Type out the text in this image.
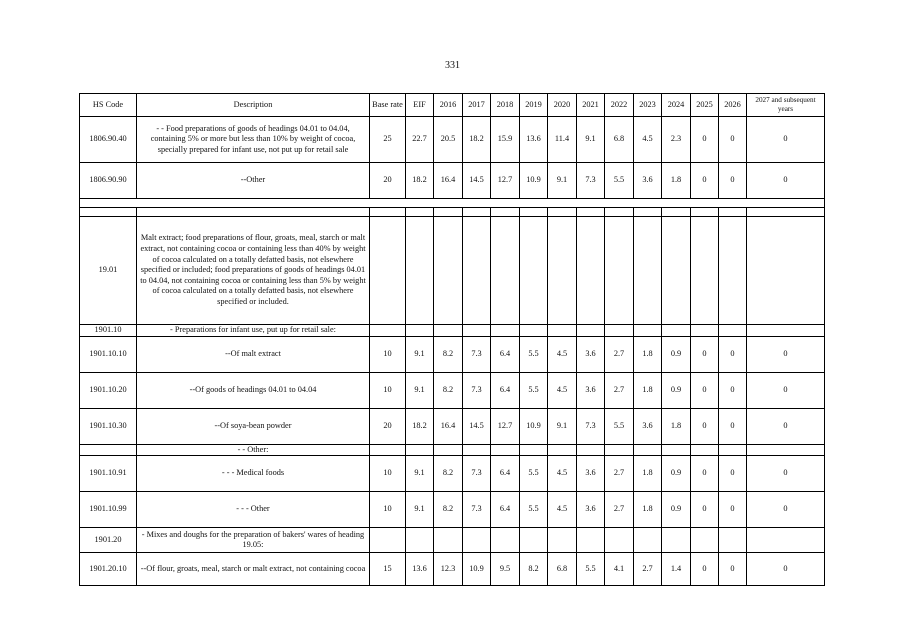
331
HS Code	Description	Base rate	EIF	2016	2017	2018	2019	2020	2021	2022	2023	2024	2025	2026	2027 and subsequent years
1806.90.40	- - Food preparations of goods of headings 04.01 to 04.04, containing 5% or more but less than 10% by weight of cocoa, specially prepared for infant use, not put up for retail sale	25	22.7	20.5	18.2	15.9	13.6	11.4	9.1	6.8	4.5	2.3	0	0	0
1806.90.90	--Other	20	18.2	16.4	14.5	12.7	10.9	9.1	7.3	5.5	3.6	1.8	0	0	0

19.01	Malt extract; food preparations of flour, groats, meal, starch or malt extract, not containing cocoa or containing less than 40% by weight of cocoa calculated on a totally defatted basis, not elsewhere specified or included; food preparations of goods of headings 04.01 to 04.04, not containing cocoa or containing less than 5% by weight of cocoa calculated on a totally defatted basis, not elsewhere specified or included.														
1901.10	- Preparations for infant use, put up for retail sale:														
1901.10.10	--Of malt extract	10	9.1	8.2	7.3	6.4	5.5	4.5	3.6	2.7	1.8	0.9	0	0	0
1901.10.20	--Of goods of headings 04.01 to 04.04	10	9.1	8.2	7.3	6.4	5.5	4.5	3.6	2.7	1.8	0.9	0	0	0
1901.10.30	--Of soya-bean powder	20	18.2	16.4	14.5	12.7	10.9	9.1	7.3	5.5	3.6	1.8	0	0	0
	- - Other:														
1901.10.91	- - - Medical foods	10	9.1	8.2	7.3	6.4	5.5	4.5	3.6	2.7	1.8	0.9	0	0	0
1901.10.99	- - - Other	10	9.1	8.2	7.3	6.4	5.5	4.5	3.6	2.7	1.8	0.9	0	0	0
1901.20	- Mixes and doughs for the preparation of bakers' wares of heading 19.05:														
1901.20.10	--Of flour, groats, meal, starch or malt extract, not containing cocoa	15	13.6	12.3	10.9	9.5	8.2	6.8	5.5	4.1	2.7	1.4	0	0	0
